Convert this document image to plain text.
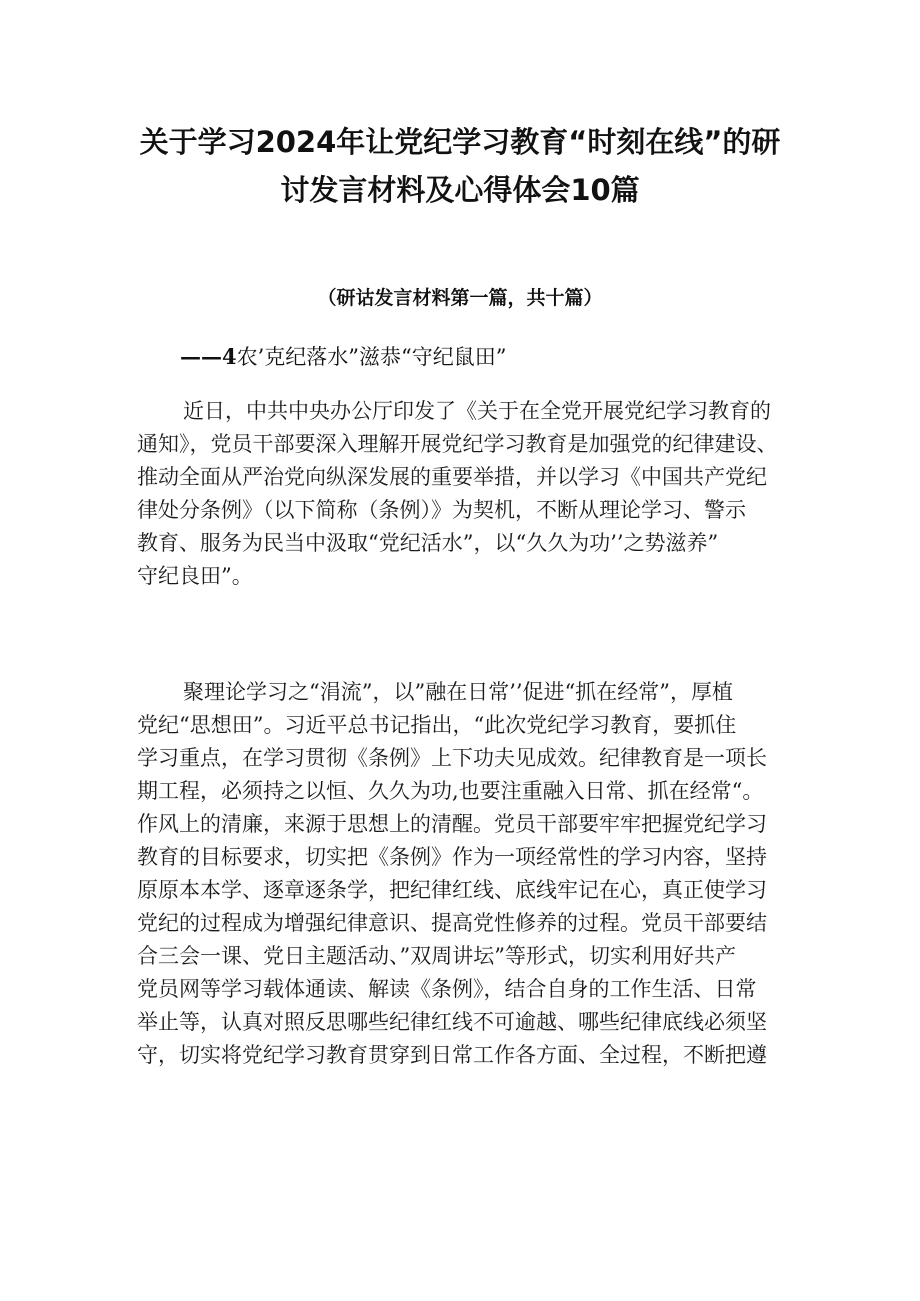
关于学习2024年让党纪学习教育“时刻在线”的研
讨发言材料及心得体会10篇
（研诂发言材料第一篇，共十篇）
——4农’克纪落水”滋恭“守纪鼠田”
近日，中共中央办公厅印发了《关于在全党开展党纪学习教育的
通知》，党员干部要深入理解开展党纪学习教育是加强党的纪律建设、
推动全面从严治党向纵深发展的重要举措，并以学习《中国共产党纪
律处分条例》（以下简称（条例）》为契机，不断从理论学习、警示
教育、服务为民当中汲取“党纪活水”，以“久久为功’’之势滋养”
守纪良田”。
聚理论学习之“涓流”，以”融在日常’’促进“抓在经常”，厚植
党纪“思想田”。习近平总书记指出，“此次党纪学习教育，要抓住
学习重点，在学习贯彻《条例》上下功夫见成效。纪律教育是一项长
期工程，必须持之以恒、久久为功,也要注重融入日常、抓在经常“。
作风上的清廉，来源于思想上的清醒。党员干部要牢牢把握党纪学习
教育的目标要求，切实把《条例》作为一项经常性的学习内容，坚持
原原本本学、逐章逐条学，把纪律红线、底线牢记在心，真正使学习
党纪的过程成为增强纪律意识、提高党性修养的过程。党员干部要结
合三会一课、党日主题活动、”双周讲坛”等形式，切实利用好共产
党员网等学习载体通读、解读《条例》，结合自身的工作生活、日常
举止等，认真对照反思哪些纪律红线不可逾越、哪些纪律底线必须坚
守，切实将党纪学习教育贯穿到日常工作各方面、全过程，不断把遵
